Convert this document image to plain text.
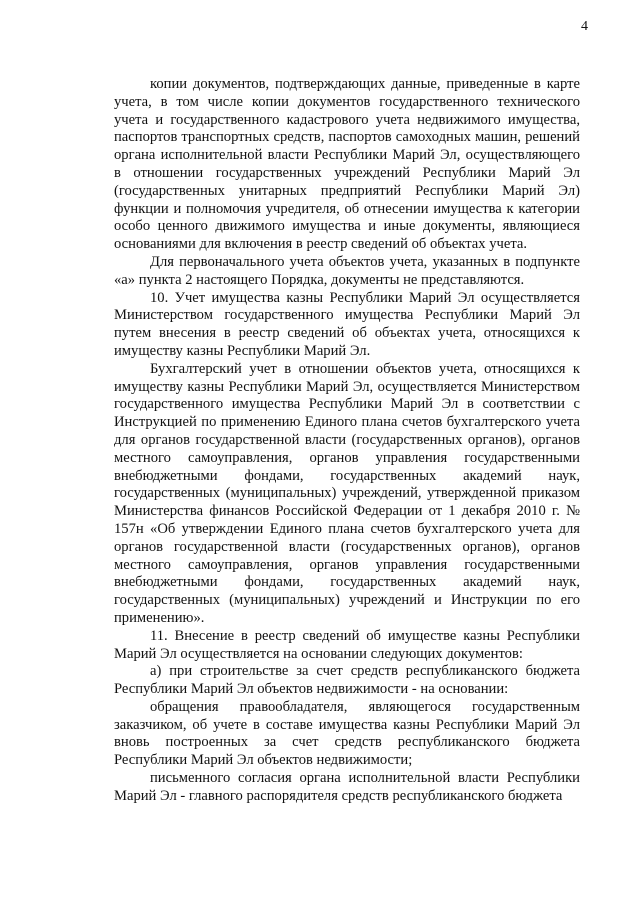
4

копии документов, подтверждающих данные, приведенные в карте учета, в том числе копии документов государственного технического учета и государственного кадастрового учета недвижимого имущества, паспортов транспортных средств, паспортов самоходных машин, решений органа исполнительной власти Республики Марий Эл, осуществляющего в отношении государственных учреждений Республики Марий Эл (государственных унитарных предприятий Республики Марий Эл) функции и полномочия учредителя, об отнесении имущества к категории особо ценного движимого имущества и иные документы, являющиеся основаниями для включения в реестр сведений об объектах учета.

Для первоначального учета объектов учета, указанных в подпункте «а» пункта 2 настоящего Порядка, документы не представляются.

10. Учет имущества казны Республики Марий Эл осуществляется Министерством государственного имущества Республики Марий Эл путем внесения в реестр сведений об объектах учета, относящихся к имуществу казны Республики Марий Эл.

Бухгалтерский учет в отношении объектов учета, относящихся к имуществу казны Республики Марий Эл, осуществляется Министерством государственного имущества Республики Марий Эл в соответствии с Инструкцией по применению Единого плана счетов бухгалтерского учета для органов государственной власти (государственных органов), органов местного самоуправления, органов управления государственными внебюджетными фондами, государственных академий наук, государственных (муниципальных) учреждений, утвержденной приказом Министерства финансов Российской Федерации от 1 декабря 2010 г. № 157н «Об утверждении Единого плана счетов бухгалтерского учета для органов государственной власти (государственных органов), органов местного самоуправления, органов управления государственными внебюджетными фондами, государственных академий наук, государственных (муниципальных) учреждений и Инструкции по его применению».

11. Внесение в реестр сведений об имуществе казны Республики Марий Эл осуществляется на основании следующих документов:

а) при строительстве за счет средств республиканского бюджета Республики Марий Эл объектов недвижимости - на основании:

обращения правообладателя, являющегося государственным заказчиком, об учете в составе имущества казны Республики Марий Эл вновь построенных за счет средств республиканского бюджета Республики Марий Эл объектов недвижимости;

письменного согласия органа исполнительной власти Республики Марий Эл - главного распорядителя средств республиканского бюджета
